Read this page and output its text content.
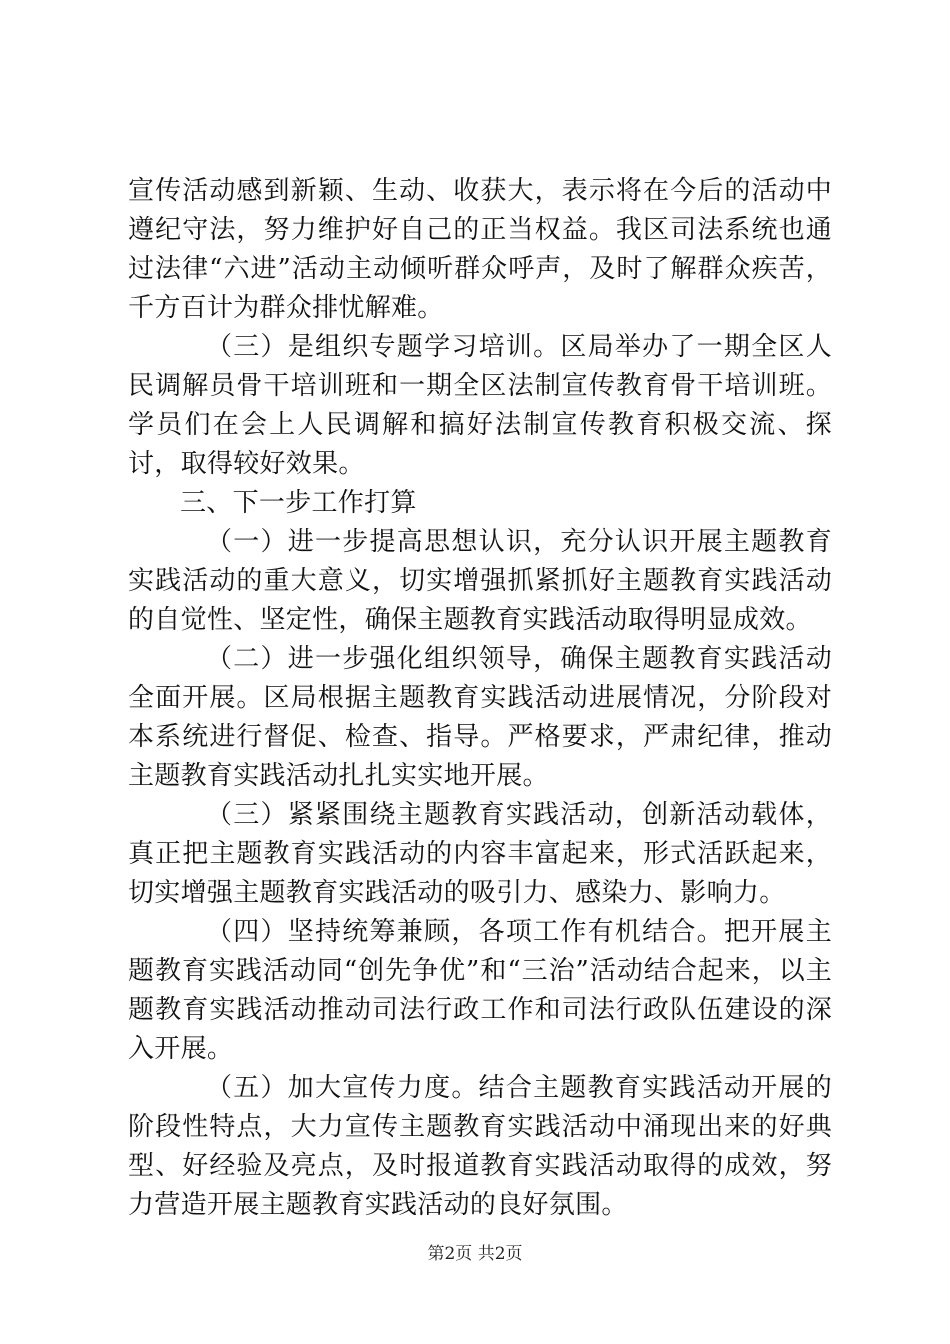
宣传活动感到新颖、生动、收获大，表示将在今后的活动中遵纪守法，努力维护好自己的正当权益。我区司法系统也通过法律“六进”活动主动倾听群众呼声，及时了解群众疾苦，千方百计为群众排忧解难。

（三）是组织专题学习培训。区局举办了一期全区人民调解员骨干培训班和一期全区法制宣传教育骨干培训班。学员们在会上人民调解和搞好法制宣传教育积极交流、探讨，取得较好效果。

三、下一步工作打算

（一）进一步提高思想认识，充分认识开展主题教育实践活动的重大意义，切实增强抓紧抓好主题教育实践活动的自觉性、坚定性，确保主题教育实践活动取得明显成效。

（二）进一步强化组织领导，确保主题教育实践活动全面开展。区局根据主题教育实践活动进展情况，分阶段对本系统进行督促、检查、指导。严格要求，严肃纪律，推动主题教育实践活动扎扎实实地开展。

（三）紧紧围绕主题教育实践活动，创新活动载体，真正把主题教育实践活动的内容丰富起来，形式活跃起来，切实增强主题教育实践活动的吸引力、感染力、影响力。

（四）坚持统筹兼顾，各项工作有机结合。把开展主题教育实践活动同“创先争优”和“三治”活动结合起来，以主题教育实践活动推动司法行政工作和司法行政队伍建设的深入开展。

（五）加大宣传力度。结合主题教育实践活动开展的阶段性特点，大力宣传主题教育实践活动中涌现出来的好典型、好经验及亮点，及时报道教育实践活动取得的成效，努力营造开展主题教育实践活动的良好氛围。

第2页 共2页
